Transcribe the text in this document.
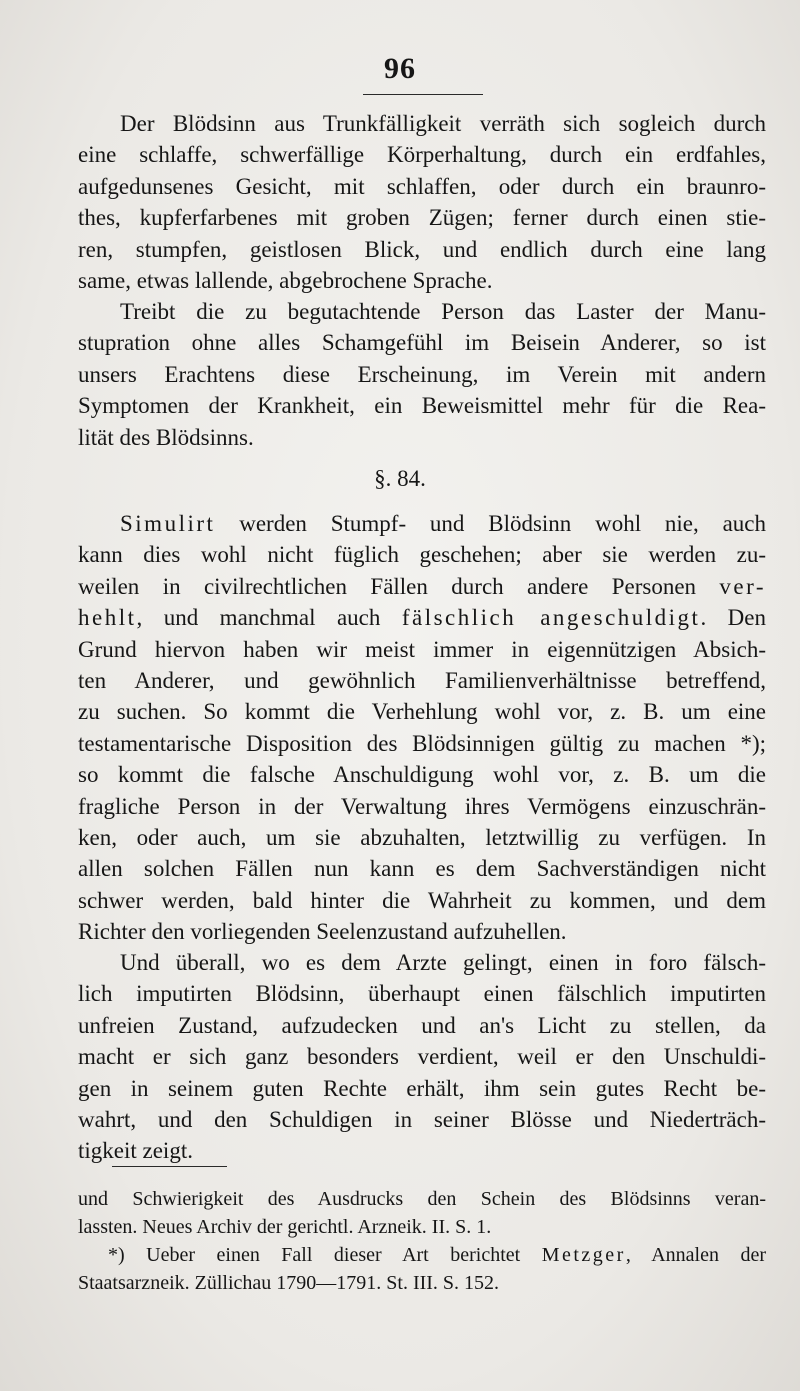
96
Der Blödsinn aus Trunkfälligkeit verräth sich sogleich durch
eine schlaffe, schwerfällige Körperhaltung, durch ein erdfahles,
aufgedunsenes Gesicht, mit schlaffen, oder durch ein braunro-
thes, kupferfarbenes mit groben Zügen; ferner durch einen stie-
ren, stumpfen, geistlosen Blick, und endlich durch eine lang
same, etwas lallende, abgebrochene Sprache.
Treibt die zu begutachtende Person das Laster der Manu-
stupration ohne alles Schamgefühl im Beisein Anderer, so ist
unsers Erachtens diese Erscheinung, im Verein mit andern
Symptomen der Krankheit, ein Beweismittel mehr für die Rea-
lität des Blödsinns.
§. 84.
Simulirt werden Stumpf- und Blödsinn wohl nie, auch
kann dies wohl nicht füglich geschehen; aber sie werden zu-
weilen in civilrechtlichen Fällen durch andere Personen ver-
hehlt, und manchmal auch fälschlich angeschuldigt. Den
Grund hiervon haben wir meist immer in eigennützigen Absich-
ten Anderer, und gewöhnlich Familienverhältnisse betreffend,
zu suchen. So kommt die Verhehlung wohl vor, z. B. um eine
testamentarische Disposition des Blödsinnigen gültig zu machen *);
so kommt die falsche Anschuldigung wohl vor, z. B. um die
fragliche Person in der Verwaltung ihres Vermögens einzuschrän-
ken, oder auch, um sie abzuhalten, letztwillig zu verfügen. In
allen solchen Fällen nun kann es dem Sachverständigen nicht
schwer werden, bald hinter die Wahrheit zu kommen, und dem
Richter den vorliegenden Seelenzustand aufzuhellen.
Und überall, wo es dem Arzte gelingt, einen in foro fälsch-
lich imputirten Blödsinn, überhaupt einen fälschlich imputirten
unfreien Zustand, aufzudecken und an's Licht zu stellen, da
macht er sich ganz besonders verdient, weil er den Unschuldi-
gen in seinem guten Rechte erhält, ihm sein gutes Recht be-
wahrt, und den Schuldigen in seiner Blösse und Niederträch-
tigkeit zeigt.
und Schwierigkeit des Ausdrucks den Schein des Blödsinns veran-
lassten. Neues Archiv der gerichtl. Arzneik. II. S. 1.
*) Ueber einen Fall dieser Art berichtet Metzger, Annalen der
Staatsarzneik. Züllichau 1790—1791. St. III. S. 152.
